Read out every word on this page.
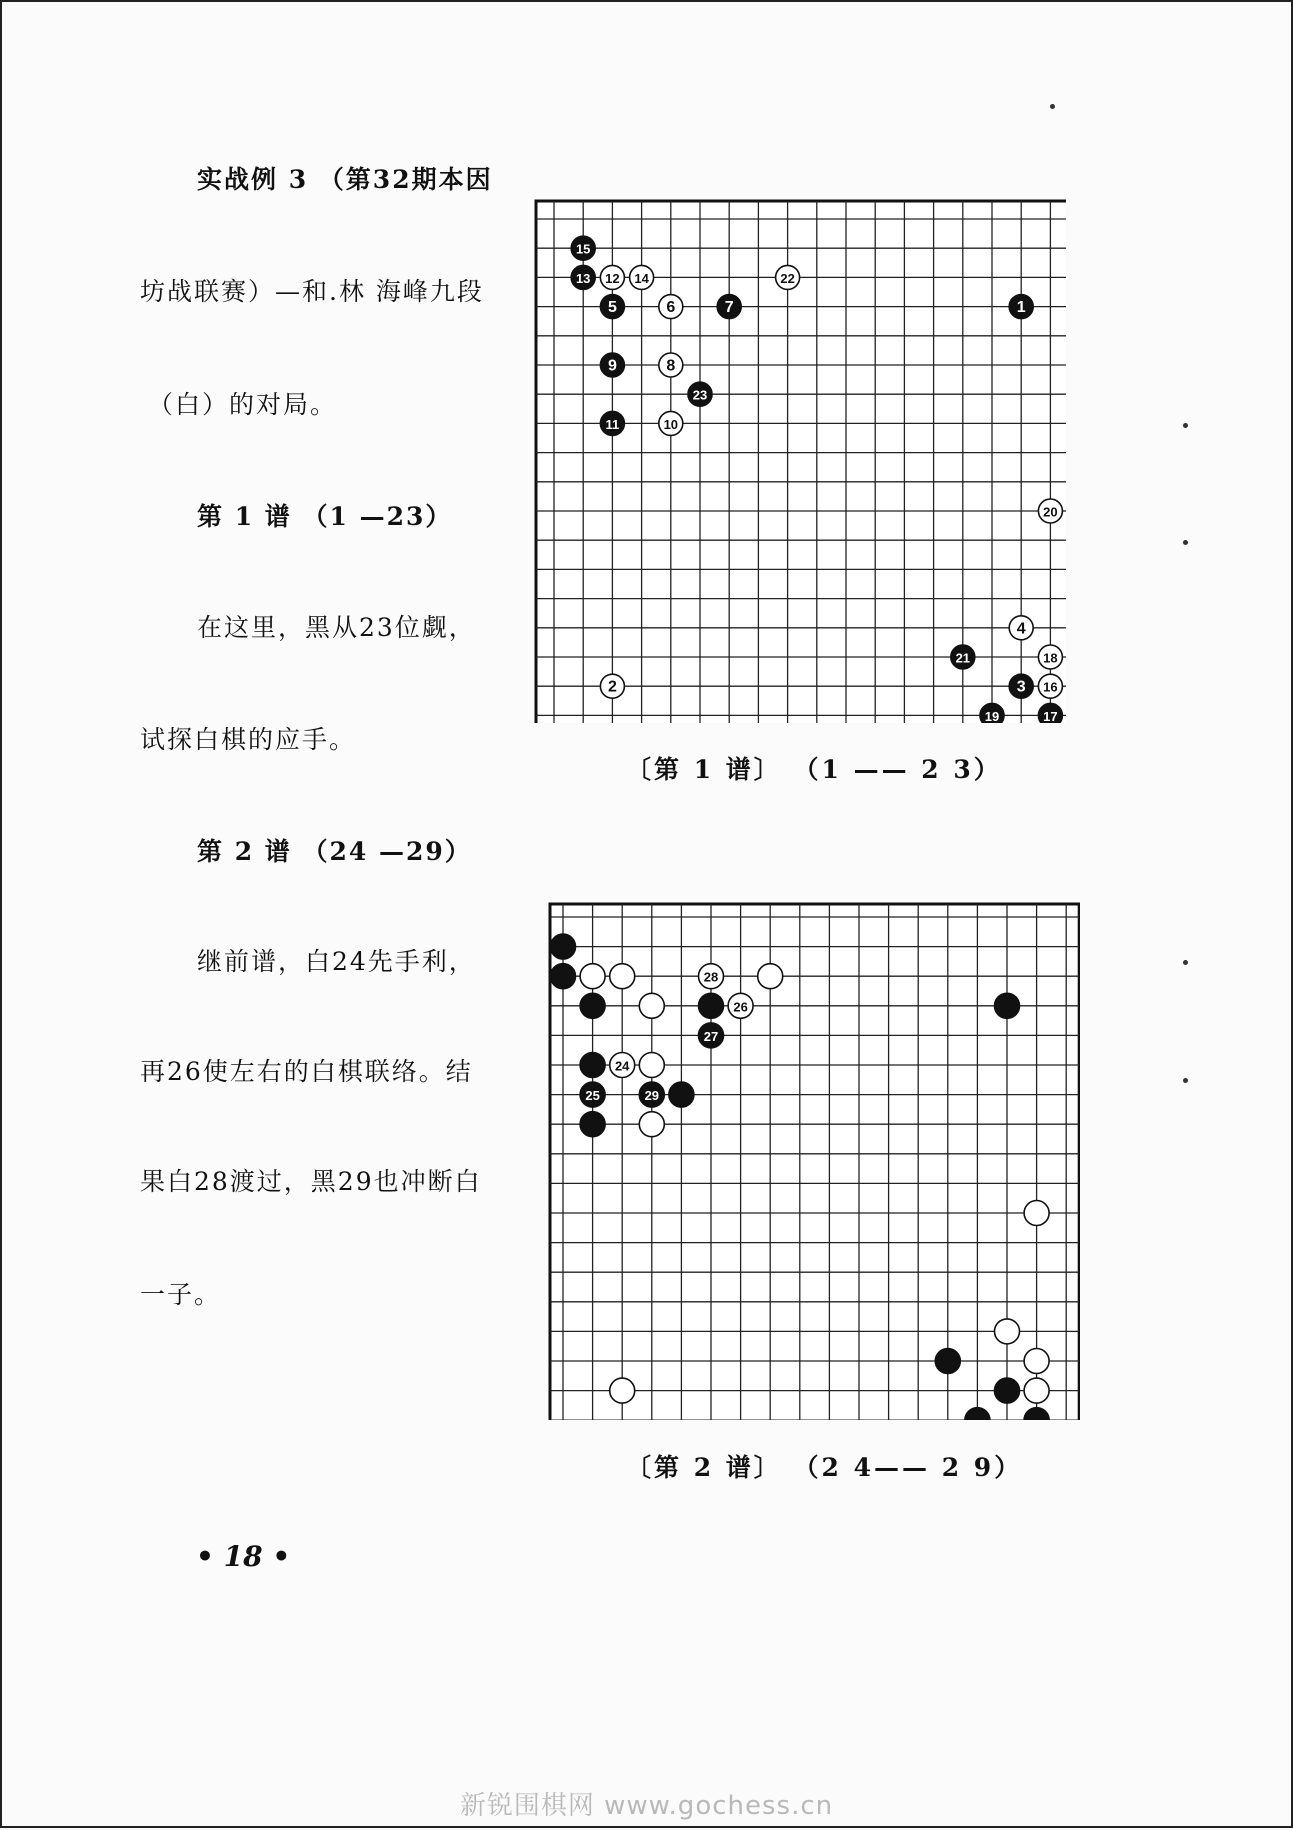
实战例 3 （第32期本因
坊战联赛）—和.林 海峰九段
（白）的对局。
第 1 谱 （1 —23）
在这里，黑从23位觑，
试探白棋的应手。
第 2 谱 （24 —29）
继前谱，白24先手利，
再26使左右的白棋联络。结
果白28渡过，黑29也冲断白
一子。
15
13 12 14	22
5	6	7	1
9	8
23
11	10
20
4
18
21
2	3 16
19	17
〔第 1 谱〕 （1 —— 2 3）
28
26
27
24
25	29
〔第 2 谱〕 （2 4—— 2 9）
• 18 •
新锐围棋网 www.gochess.cn
